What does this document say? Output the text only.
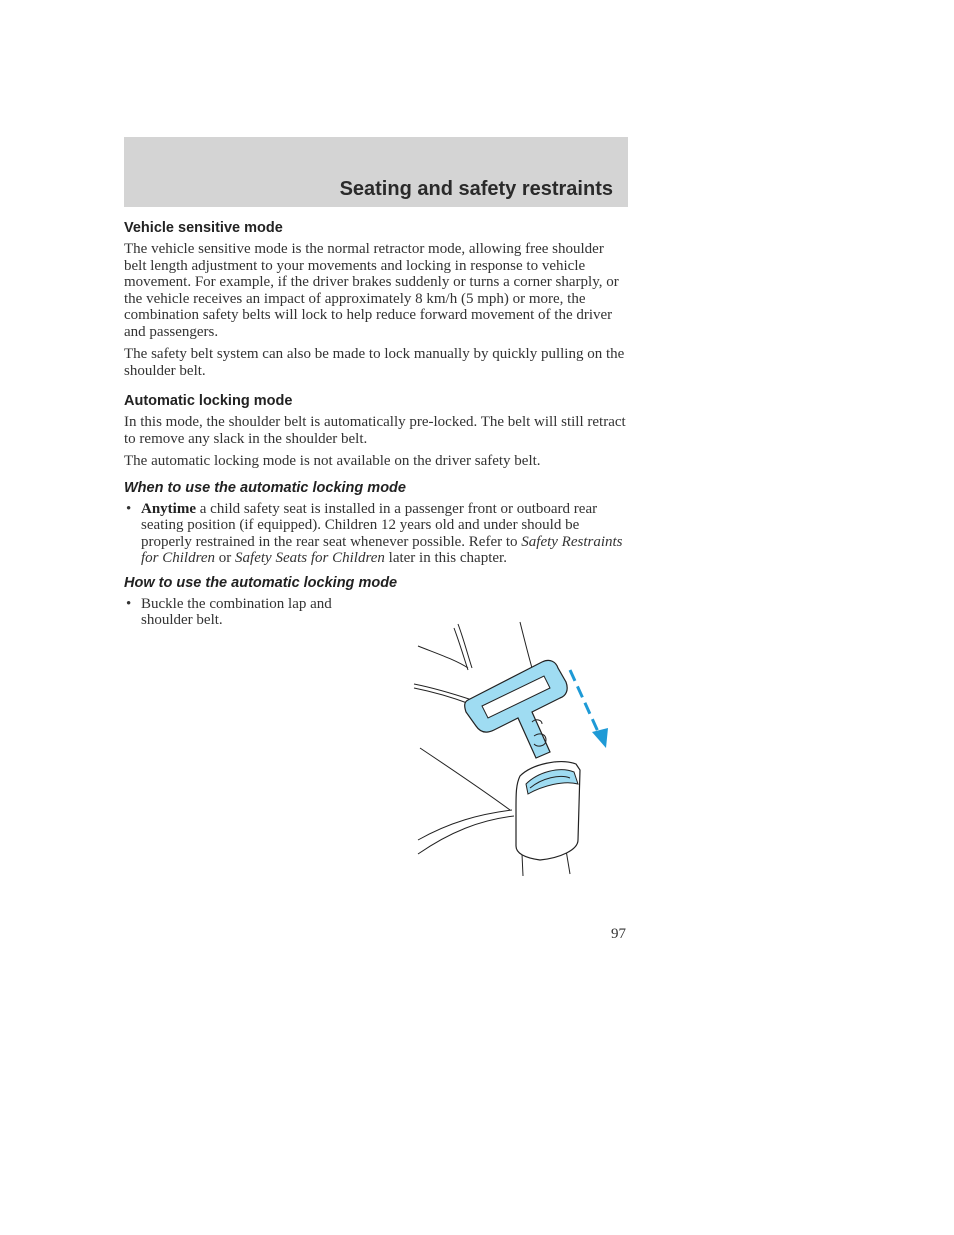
Seating and safety restraints
Vehicle sensitive mode

The vehicle sensitive mode is the normal retractor mode, allowing free shoulder belt length adjustment to your movements and locking in response to vehicle movement. For example, if the driver brakes suddenly or turns a corner sharply, or the vehicle receives an impact of approximately 8 km/h (5 mph) or more, the combination safety belts will lock to help reduce forward movement of the driver and passengers.

The safety belt system can also be made to lock manually by quickly pulling on the shoulder belt.

Automatic locking mode

In this mode, the shoulder belt is automatically pre-locked. The belt will still retract to remove any slack in the shoulder belt.

The automatic locking mode is not available on the driver safety belt.

When to use the automatic locking mode
• Anytime a child safety seat is installed in a passenger front or outboard rear seating position (if equipped). Children 12 years old and under should be properly restrained in the rear seat whenever possible. Refer to Safety Restraints for Children or Safety Seats for Children later in this chapter.
How to use the automatic locking mode
• Buckle the combination lap and shoulder belt.
97
